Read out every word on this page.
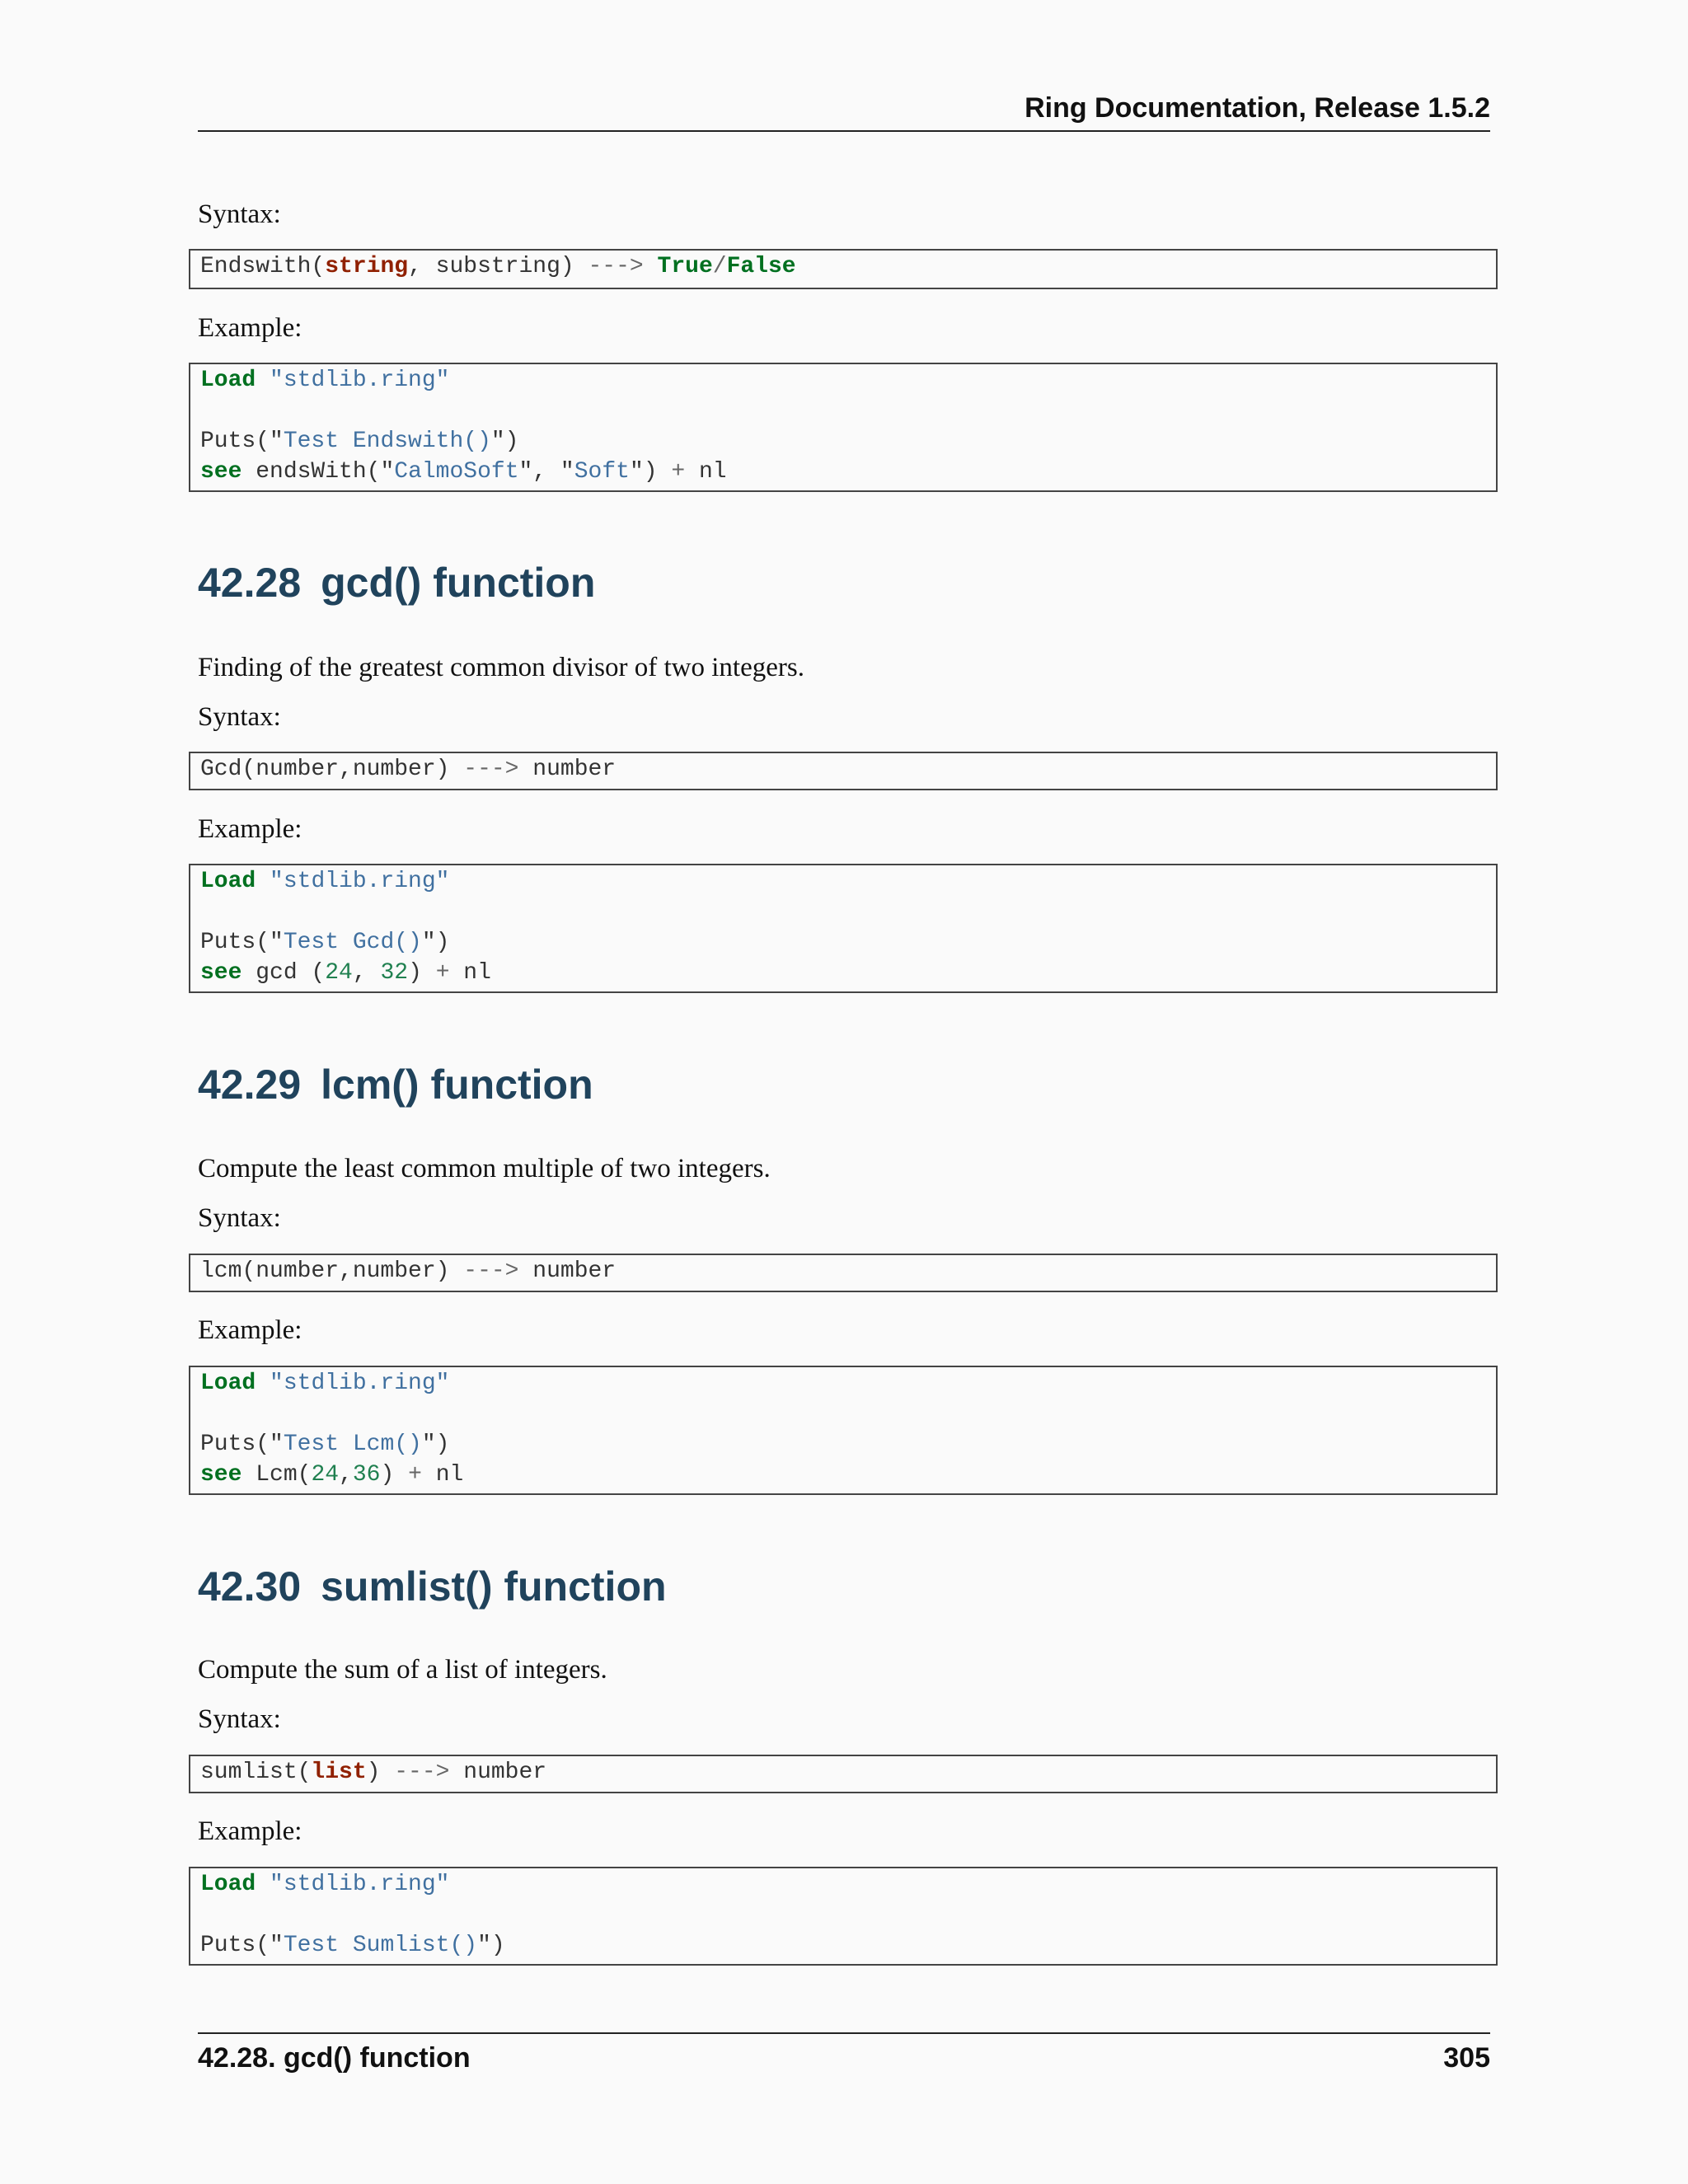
Ring Documentation, Release 1.5.2
Syntax:
Endswith(string, substring) ---> True/False
Example:
Load "stdlib.ring"
Puts("Test Endswith()")
see endsWith("CalmoSoft", "Soft") + nl
42.28 gcd() function
Finding of the greatest common divisor of two integers.
Syntax:
Gcd(number,number) ---> number
Example:
Load "stdlib.ring"
Puts("Test Gcd()")
see gcd (24, 32) + nl
42.29 lcm() function
Compute the least common multiple of two integers.
Syntax:
lcm(number,number) ---> number
Example:
Load "stdlib.ring"
Puts("Test Lcm()")
see Lcm(24,36) + nl
42.30 sumlist() function
Compute the sum of a list of integers.
Syntax:
sumlist(list) ---> number
Example:
Load "stdlib.ring"
Puts("Test Sumlist()")
42.28. gcd() function	305
